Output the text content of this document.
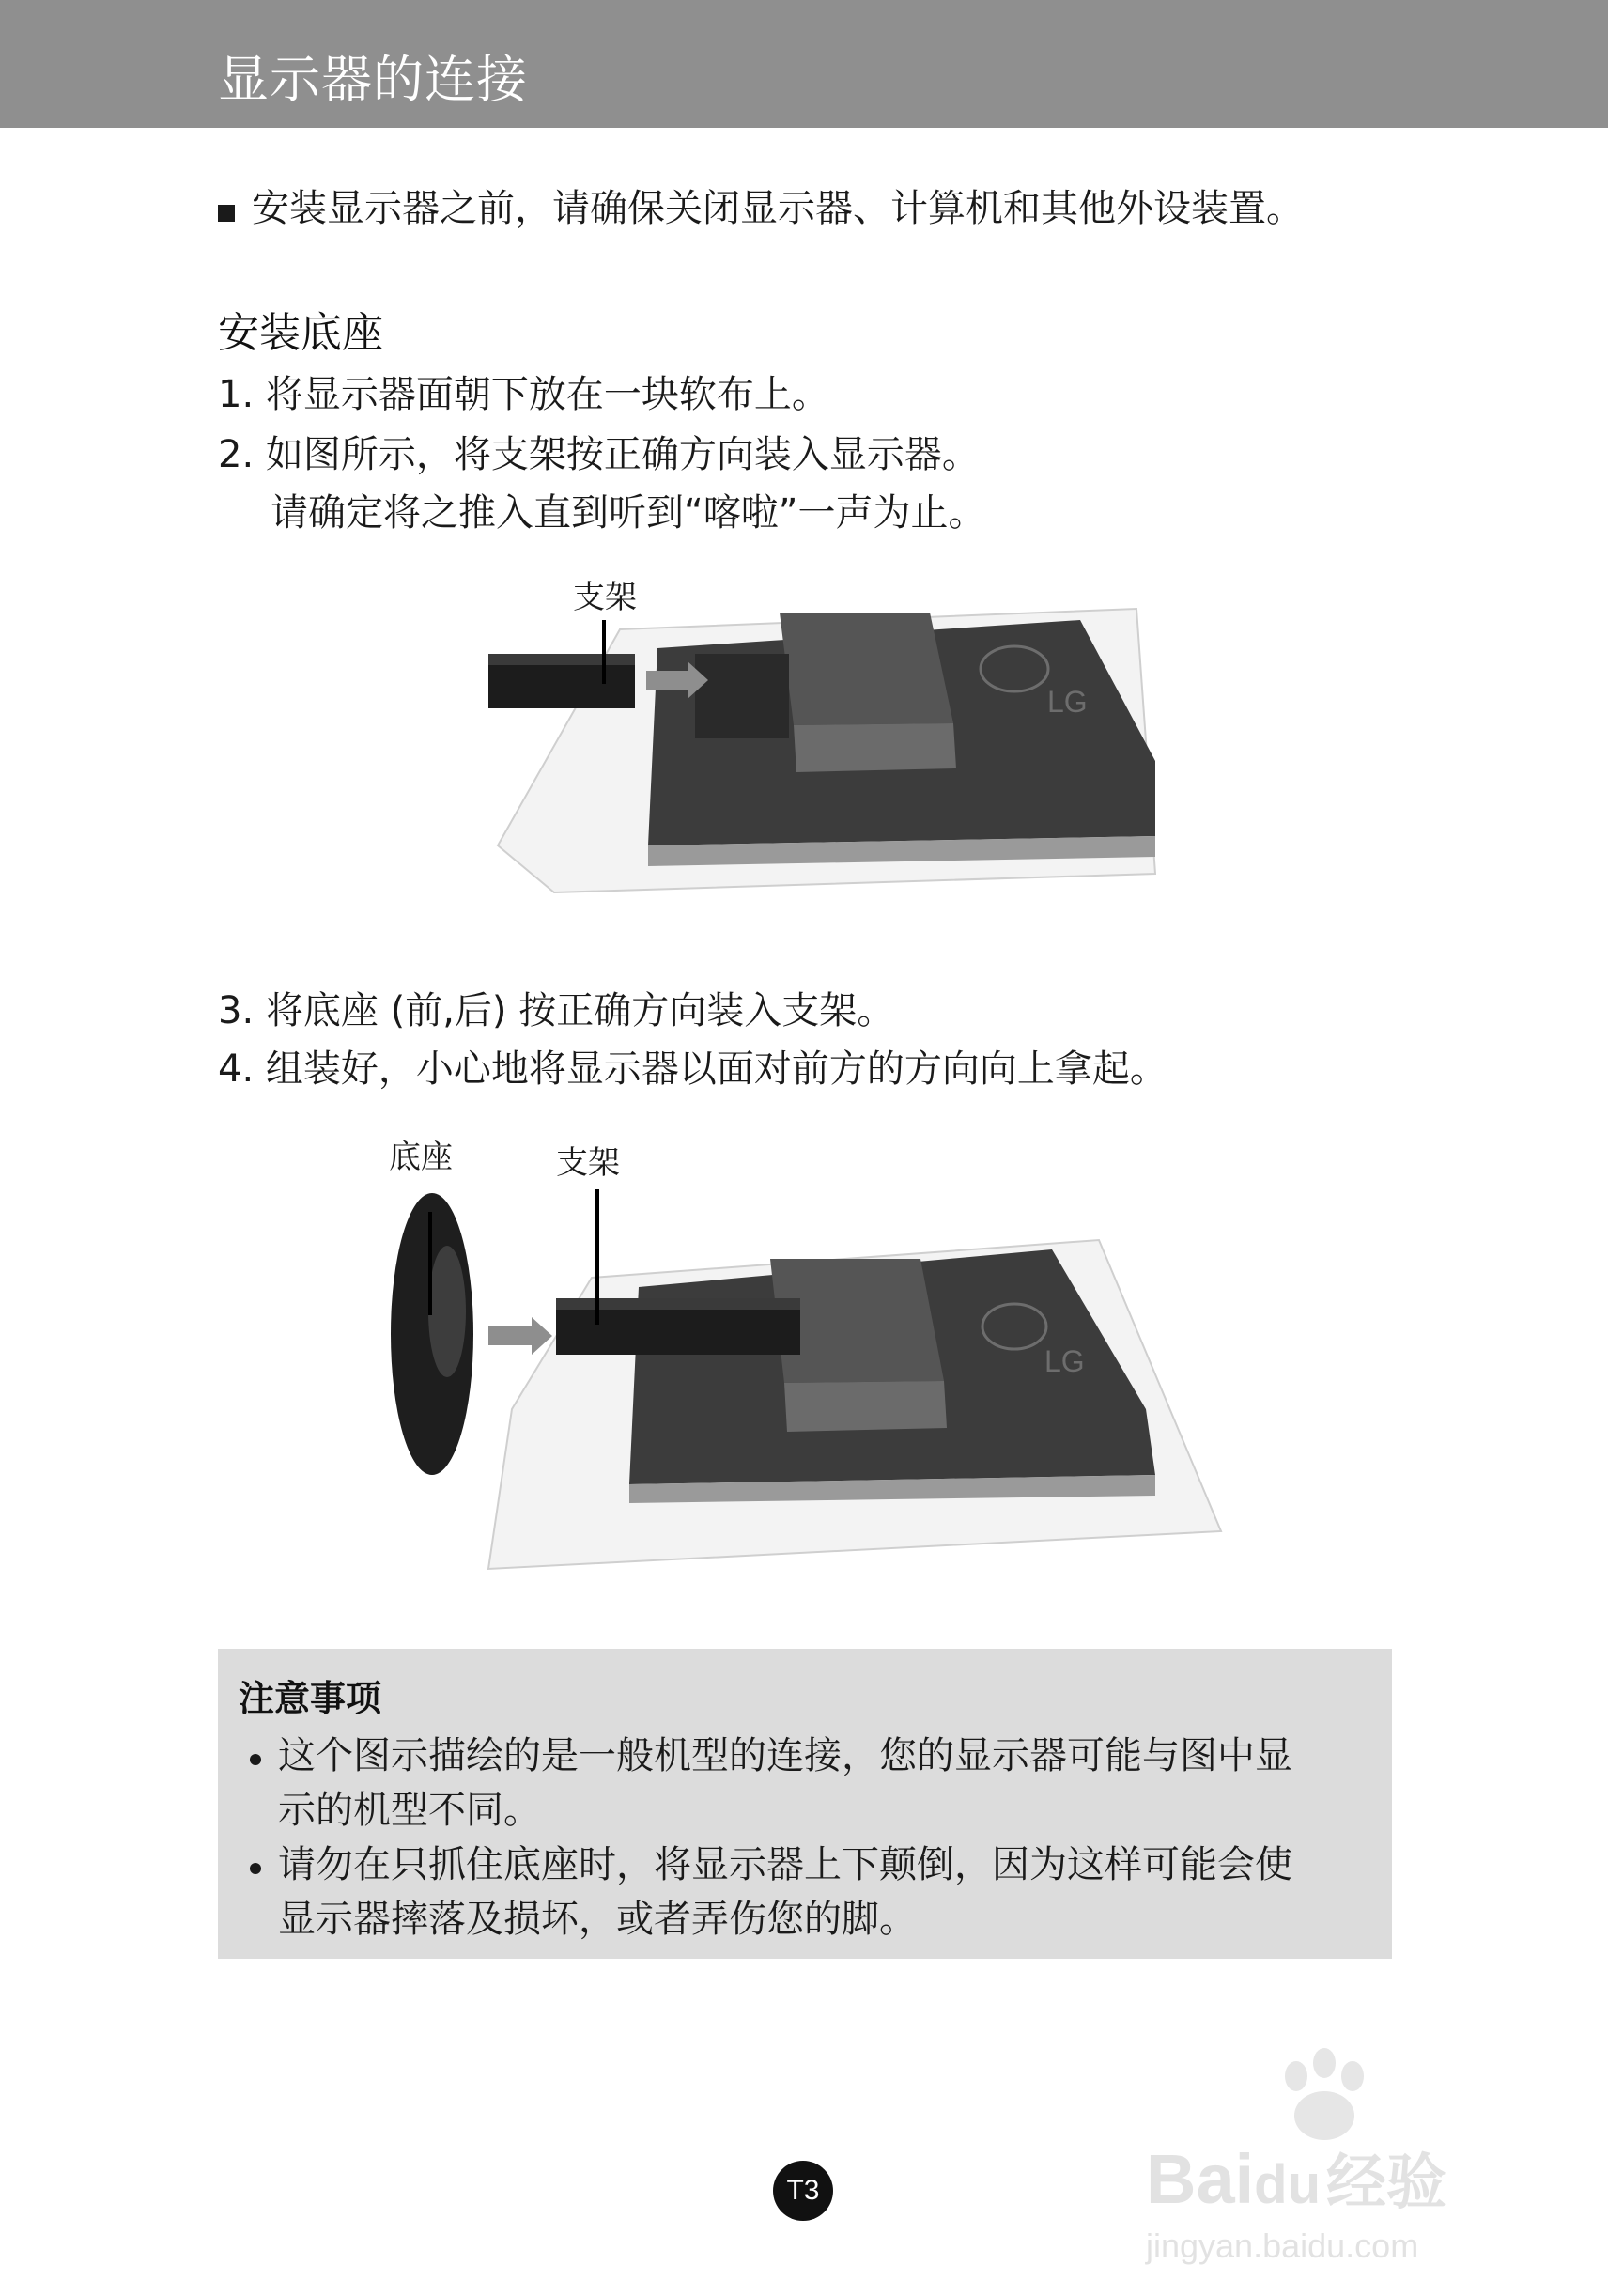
显示器的连接
安装显示器之前，请确保关闭显示器、计算机和其他外设装置。
安装底座
1. 将显示器面朝下放在一块软布上。
2. 如图所示，将支架按正确方向装入显示器。
请确定将之推入直到听到“喀啦”一声为止。
LG
支架
3. 将底座 (前,后) 按正确方向装入支架。
4. 组装好，小心地将显示器以面对前方的方向向上拿起。
LG
底座	支架
注意事项
这个图示描绘的是一般机型的连接，您的显示器可能与图中显
示的机型不同。
请勿在只抓住底座时，将显示器上下颠倒，因为这样可能会使
显示器摔落及损坏，或者弄伤您的脚。
T3	Baidu经验
jingyan.baidu.com
